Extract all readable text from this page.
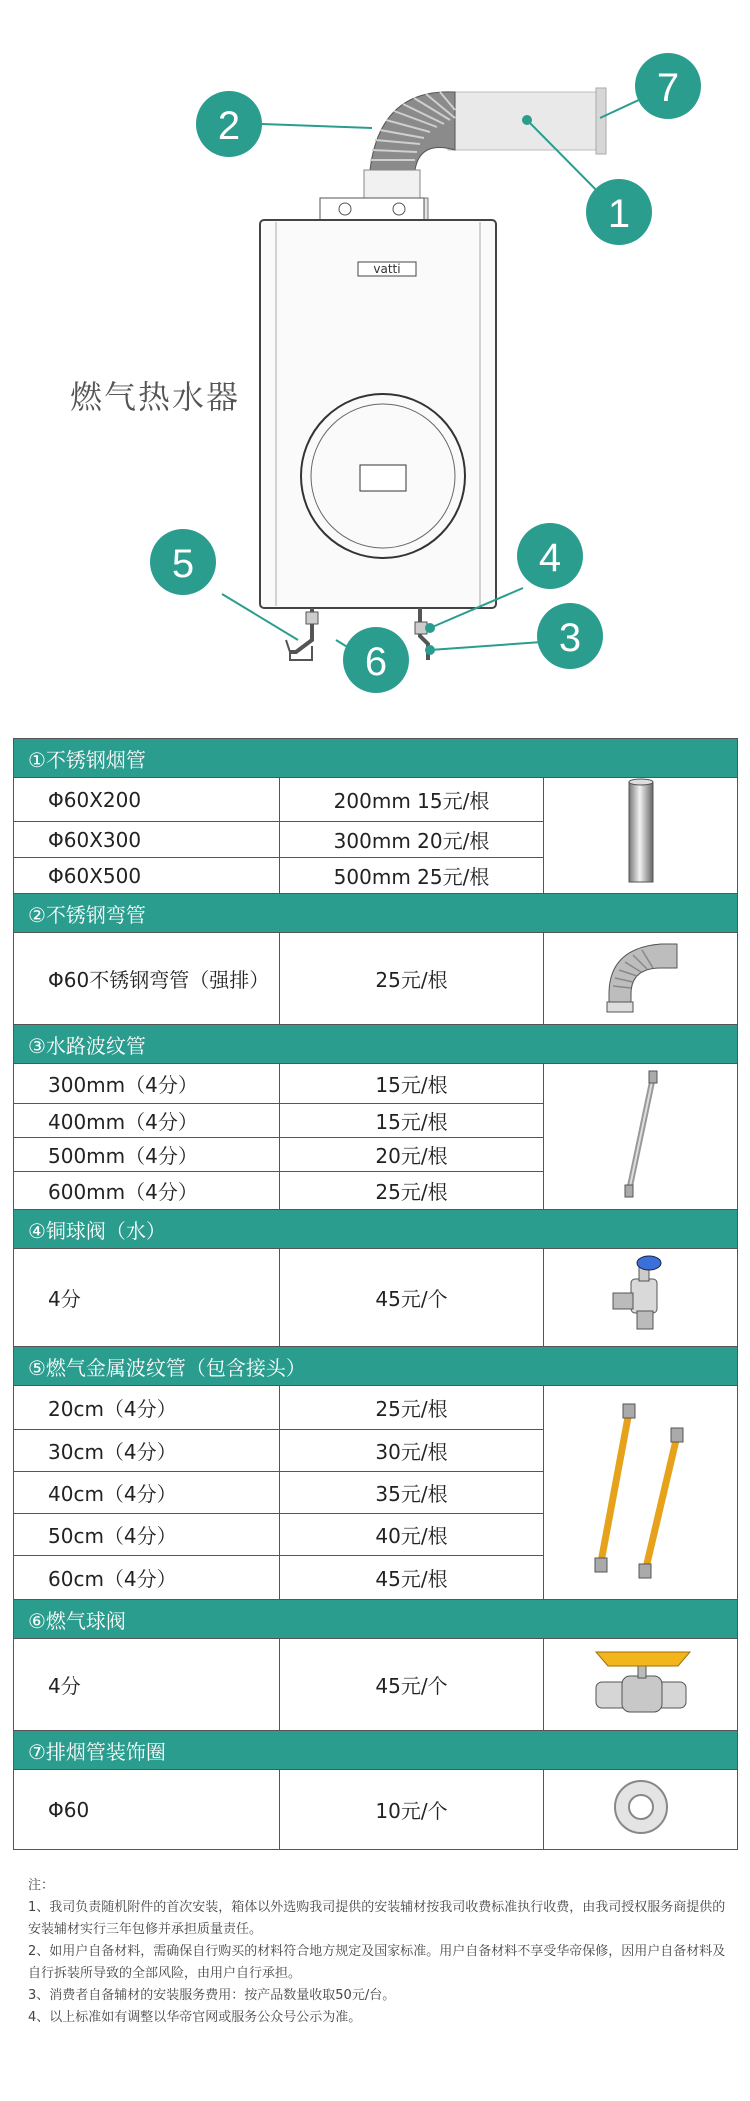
vatti
2
7
1
5	4
3
6
燃气热水器
①不锈钢烟管		
Φ60X200	200mm 15元/根	
Φ60X300	300mm 20元/根	
Φ60X500	500mm 25元/根	
②不锈钢弯管		
Φ60不锈钢弯管（强排）	25元/根	
③水路波纹管		
300mm（4分）	15元/根	
400mm（4分）	15元/根	
500mm（4分）	20元/根	
600mm（4分）	25元/根	
④铜球阀（水）		
4分	45元/个	
⑤燃气金属波纹管（包含接头）		
20cm（4分）	25元/根	
30cm（4分）	30元/根	
40cm（4分）	35元/根	
50cm（4分）	40元/根	
60cm（4分）	45元/根	
⑥燃气球阀		
4分	45元/个	
⑦排烟管装饰圈		
Φ60	10元/个	

注：

1、我司负责随机附件的首次安装，箱体以外选购我司提供的安装辅材按我司收费标准执行收费，由我司授权服务商提供的安装辅材实行三年包修并承担质量责任。

2、如用户自备材料，需确保自行购买的材料符合地方规定及国家标准。用户自备材料不享受华帝保修，因用户自备材料及自行拆装所导致的全部风险，由用户自行承担。

3、消费者自备辅材的安装服务费用：按产品数量收取50元/台。

4、以上标准如有调整以华帝官网或服务公众号公示为准。
